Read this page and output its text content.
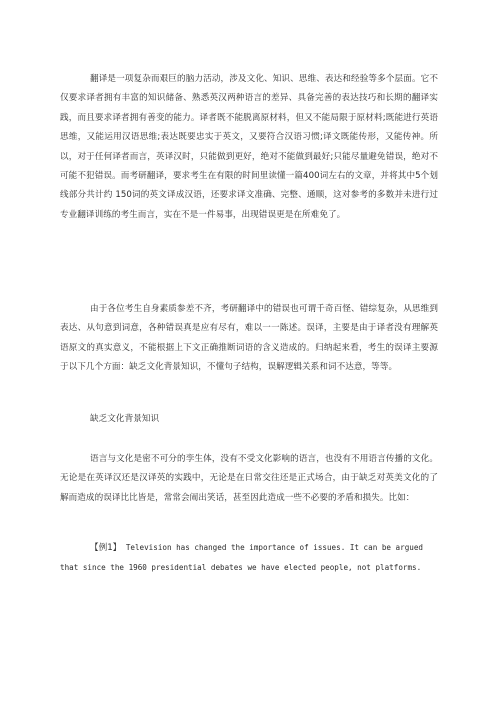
翻译是一项复杂而艰巨的脑力活动，涉及文化、知识、思维、表达和经验等多个层面。它不仅要求译者拥有丰富的知识储备、熟悉英汉两种语言的差异、具备完善的表达技巧和长期的翻译实践，而且要求译者拥有善变的能力。译者既不能脱离原材料，但又不能局限于原材料;既能进行英语思维，又能运用汉语思维;表达既要忠实于英文，又要符合汉语习惯;译文既能传形，又能传神。所以，对于任何译者而言，英译汉时，只能做到更好，绝对不能做到最好;只能尽量避免错误，绝对不可能不犯错误。而考研翻译，要求考生在有限的时间里读懂一篇400词左右的文章，并将其中5个划线部分共计约 150词的英文译成汉语，还要求译文准确、完整、通顺，这对参考的多数并未进行过专业翻译训练的考生而言，实在不是一件易事，出现错误更是在所难免了。

由于各位考生自身素质参差不齐，考研翻译中的错误也可谓千奇百怪、错综复杂，从思维到表达、从句意到词意，各种错误真是应有尽有，难以一一陈述。误译，主要是由于译者没有理解英语原文的真实意义，不能根据上下文正确推断词语的含义造成的。归纳起来看，考生的误译主要源于以下几个方面：缺乏文化背景知识，不懂句子结构，误解逻辑关系和词不达意，等等。

缺乏文化背景知识

语言与文化是密不可分的孪生体，没有不受文化影响的语言，也没有不用语言传播的文化。无论是在英译汉还是汉译英的实践中，无论是在日常交往还是正式场合，由于缺乏对英美文化的了解而造成的误译比比皆是，常常会闹出笑话，甚至因此造成一些不必要的矛盾和损失。比如：

【例1】 Television has changed the importance of issues. It can be argued
that since the 1960 presidential debates we have elected people, not platforms.
